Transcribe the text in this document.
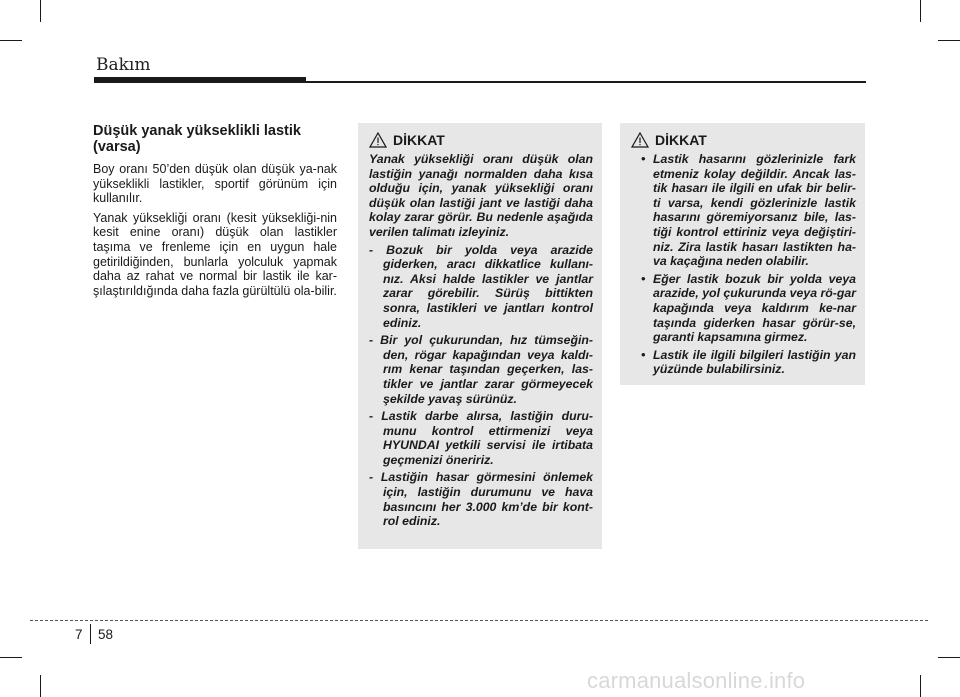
Bakım
Düşük yanak yükseklikli lastik (varsa)

Boy oranı 50’den düşük olan düşük ya-nak yükseklikli lastikler, sportif görünüm için kullanılır.

Yanak yüksekliği oranı (kesit yüksekliği-nin kesit enine oranı) düşük olan lastikler taşıma ve frenleme için en uygun hale getirildiğinden, bunlarla yolculuk yapmak daha az rahat ve normal bir lastik ile kar-şılaştırıldığında daha fazla gürültülü ola-bilir.

DİKKAT

Yanak yüksekliği oranı düşük olan lastiğin yanağı normalden daha kısa olduğu için, yanak yüksekliği oranı düşük olan lastiği jant ve lastiği daha kolay zarar görür. Bu nedenle aşağıda verilen talimatı izleyiniz.

- Bozuk bir yolda veya arazide giderken, aracı dikkatlice kullanı-nız. Aksi halde lastikler ve jantlar zarar görebilir. Sürüş bittikten sonra, lastikleri ve jantları kontrol ediniz.
- Bir yol çukurundan, hız tümseğin-den, rögar kapağından veya kaldı-rım kenar taşından geçerken, las-tikler ve jantlar zarar görmeyecek şekilde yavaş sürünüz.
- Lastik darbe alırsa, lastiğin duru-munu kontrol ettirmenizi veya HYUNDAI yetkili servisi ile irtibata geçmenizi öneririz.
- Lastiğin hasar görmesini önlemek için, lastiğin durumunu ve hava basıncını her 3.000 km’de bir kont-rol ediniz.
DİKKAT
• Lastik hasarını gözlerinizle fark etmeniz kolay değildir. Ancak las-tik hasarı ile ilgili en ufak bir belir-ti varsa, kendi gözlerinizle lastik hasarını göremiyorsanız bile, las-tiği kontrol ettiriniz veya değiştiri-niz. Zira lastik hasarı lastikten ha-va kaçağına neden olabilir.
• Eğer lastik bozuk bir yolda veya arazide, yol çukurunda veya rö-gar kapağında veya kaldırım ke-nar taşında giderken hasar görür-se, garanti kapsamına girmez.
• Lastik ile ilgili bilgileri lastiğin yan yüzünde bulabilirsiniz.
7 58
carmanualsonline.info
